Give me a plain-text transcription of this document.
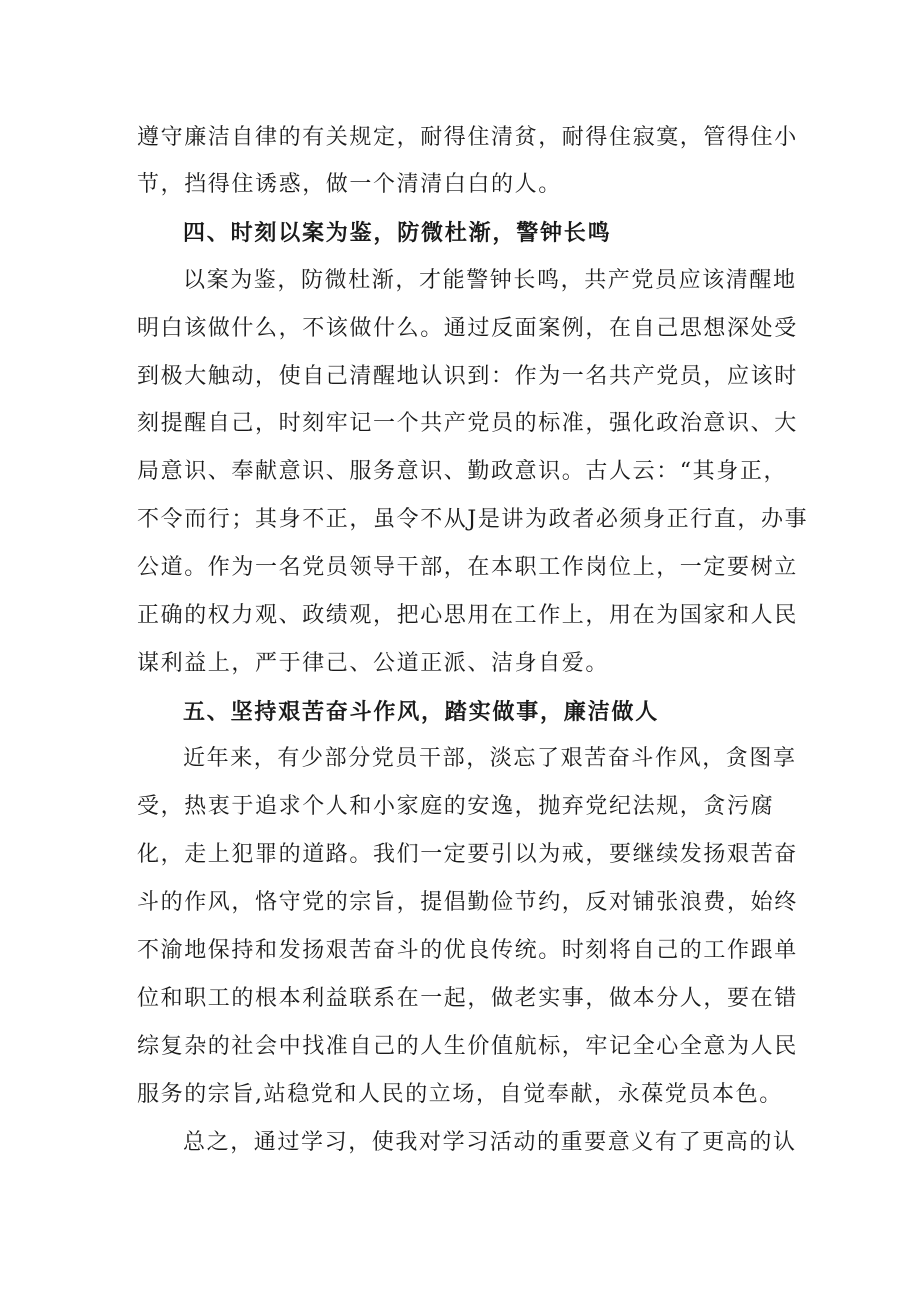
遵守廉洁自律的有关规定，耐得住清贫，耐得住寂寞，管得住小
节，挡得住诱惑，做一个清清白白的人。
四、时刻以案为鉴，防微杜渐，警钟长鸣
以案为鉴，防微杜渐，才能警钟长鸣，共产党员应该清醒地
明白该做什么，不该做什么。通过反面案例，在自己思想深处受
到极大触动，使自己清醒地认识到：作为一名共产党员，应该时
刻提醒自己，时刻牢记一个共产党员的标准，强化政治意识、大
局意识、奉献意识、服务意识、勤政意识。古人云：“其身正，
不令而行；其身不正，虽令不从J是讲为政者必须身正行直，办事
公道。作为一名党员领导干部，在本职工作岗位上，一定要树立
正确的权力观、政绩观，把心思用在工作上，用在为国家和人民
谋利益上，严于律己、公道正派、洁身自爱。
五、坚持艰苦奋斗作风，踏实做事，廉洁做人
近年来，有少部分党员干部，淡忘了艰苦奋斗作风，贪图享
受，热衷于追求个人和小家庭的安逸，抛弃党纪法规，贪污腐
化，走上犯罪的道路。我们一定要引以为戒，要继续发扬艰苦奋
斗的作风，恪守党的宗旨，提倡勤俭节约，反对铺张浪费，始终
不渝地保持和发扬艰苦奋斗的优良传统。时刻将自己的工作跟单
位和职工的根本利益联系在一起，做老实事，做本分人，要在错
综复杂的社会中找准自己的人生价值航标，牢记全心全意为人民
服务的宗旨,站稳党和人民的立场，自觉奉献，永葆党员本色。
总之，通过学习，使我对学习活动的重要意义有了更高的认
